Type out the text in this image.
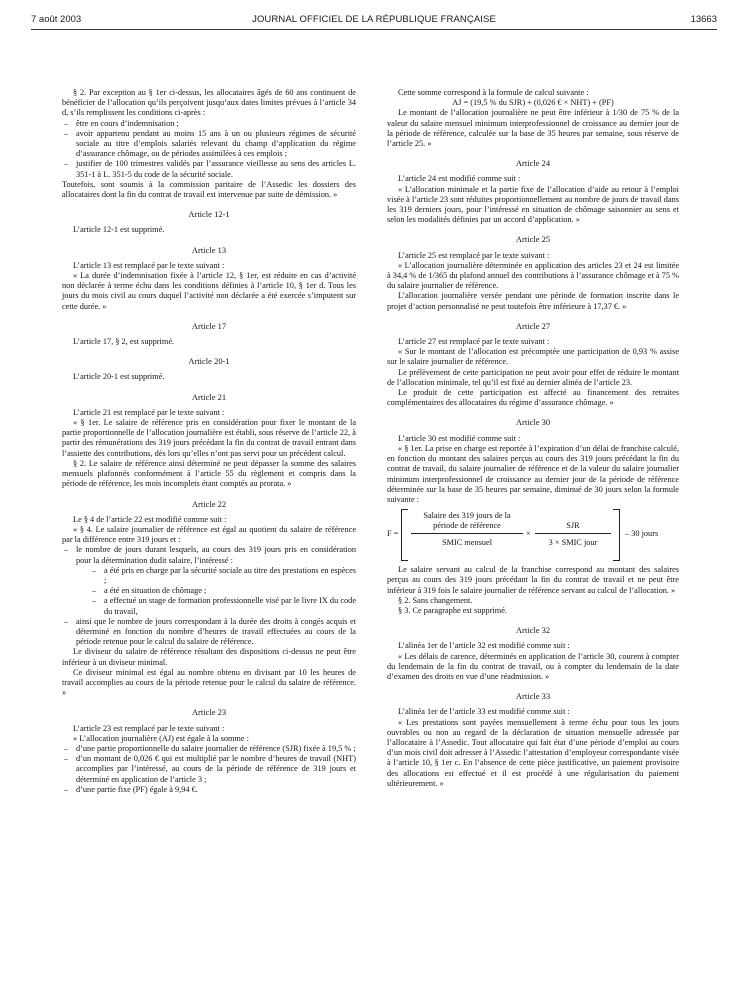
7 août 2003	JOURNAL OFFICIEL DE LA RÉPUBLIQUE FRANÇAISE	13663

§ 2. Par exception au § 1er ci-dessus, les allocataires âgés de 60 ans continuent de bénéficier de l’allocation qu’ils perçoivent jusqu’aux dates limites prévues à l’article 34 d, s’ils remplissent les conditions ci-après :

– être en cours d’indemnisation ;
– avoir appartenu pendant au moins 15 ans à un ou plusieurs régimes de sécurité sociale au titre d’emplois salariés relevant du champ d’application du régime d’assurance chômage, ou de périodes assimilées à ces emplois ;
– justifier de 100 trimestres validés par l’assurance vieillesse au sens des articles L. 351-1 à L. 351-5 du code de la sécurité sociale.

Toutefois, sont soumis à la commission paritaire de l’Assedic les dossiers des allocataires dont la fin du contrat de travail est intervenue par suite de démission. »

Article 12-1

L’article 12-1 est supprimé.

Article 13

L’article 13 est remplacé par le texte suivant :

« La durée d’indemnisation fixée à l’article 12, § 1er, est réduite en cas d’activité non déclarée à terme échu dans les conditions définies à l’article 10, § 1er d. Tous les jours du mois civil au cours duquel l’activité non déclarée a été exercée s’imputent sur cette durée. »

Article 17

L’article 17, § 2, est supprimé.

Article 20-1

L’article 20-1 est supprimé.

Article 21

L’article 21 est remplacé par le texte suivant :

« § 1er. Le salaire de référence pris en considération pour fixer le montant de la partie proportionnelle de l’allocation journalière est établi, sous réserve de l’article 22, à partir des rémunérations des 319 jours précédant la fin du contrat de travail entrant dans l’assiette des contributions, dès lors qu’elles n’ont pas servi pour un précédent calcul.

§ 2. Le salaire de référence ainsi déterminé ne peut dépasser la somme des salaires mensuels plafonnés conformément à l’article 55 du règlement et compris dans la période de référence, les mois incomplets étant comptés au prorata. »

Article 22

Le § 4 de l’article 22 est modifié comme suit :

« § 4. Le salaire journalier de référence est égal au quotient du salaire de référence par la différence entre 319 jours et :

– le nombre de jours durant lesquels, au cours des 319 jours pris en considération pour la détermination dudit salaire, l’intéressé :
– a été pris en charge par la sécurité sociale au titre des prestations en espèces ;
– a été en situation de chômage ;
– a effectué un stage de formation professionnelle visé par le livre IX du code du travail,
– ainsi que le nombre de jours correspondant à la durée des droits à congés acquis et déterminé en fonction du nombre d’heures de travail effectuées au cours de la période retenue pour le calcul du salaire de référence.

Le diviseur du salaire de référence résultant des dispositions ci-dessus ne peut être inférieur à un diviseur minimal.

Ce diviseur minimal est égal au nombre obtenu en divisant par 10 les heures de travail accomplies au cours de la période retenue pour le calcul du salaire de référence. »

Article 23

L’article 23 est remplacé par le texte suivant :

« L’allocation journalière (AJ) est égale à la somme :

– d’une partie proportionnelle du salaire journalier de référence (SJR) fixée à 19,5 % ;
– d’un montant de 0,026 € qui est multiplié par le nombre d’heures de travail (NHT) accomplies par l’intéressé, au cours de la période de référence de 319 jours et déterminé en application de l’article 3 ;
– d’une partie fixe (PF) égale à 9,94 €.

Cette somme correspond à la formule de calcul suivante :

AJ = (19,5 % du SJR) + (0,026 € × NHT) + (PF)

Le montant de l’allocation journalière ne peut être inférieur à 1/30 de 75 % de la valeur du salaire mensuel minimum interprofessionnel de croissance au dernier jour de la période de référence, calculée sur la base de 35 heures par semaine, sous réserve de l’article 25. »

Article 24

L’article 24 est modifié comme suit :

« L’allocation minimale et la partie fixe de l’allocation d’aide au retour à l’emploi visée à l’article 23 sont réduites proportionnellement au nombre de jours de travail dans les 319 derniers jours, pour l’intéressé en situation de chômage saisonnier au sens et selon les modalités définies par un accord d’application. »

Article 25

L’article 25 est remplacé par le texte suivant :

« L’allocation journalière déterminée en application des articles 23 et 24 est limitée à 34,4 % de 1/365 du plafond annuel des contributions à l’assurance chômage et à 75 % du salaire journalier de référence.

L’allocation journalière versée pendant une période de formation inscrite dans le projet d’action personnalisé ne peut toutefois être inférieure à 17,37 €. »

Article 27

L’article 27 est remplacé par le texte suivant :

« Sur le montant de l’allocation est précomptée une participation de 0,93 % assise sur le salaire journalier de référence.

Le prélèvement de cette participation ne peut avoir pour effet de réduire le montant de l’allocation minimale, tel qu’il est fixé au dernier alinéa de l’article 23.

Le produit de cette participation est affecté au financement des retraites complémentaires des allocataires du régime d’assurance chômage. »

Article 30

L’article 30 est modifié comme suit :

« § 1er. La prise en charge est reportée à l’expiration d’un délai de franchise calculé, en fonction du montant des salaires perçus au cours des 319 jours précédant la fin du contrat de travail, du salaire journalier de référence et de la valeur du salaire journalier minimum interprofessionnel de croissance au dernier jour de la période de référence déterminée sur la base de 35 heures par semaine, diminué de 30 jours selon la formule suivante :

F =
Salaire des 319 jours de la période de référence
SMIC mensuel
×
SJR
3 × SMIC jour
– 30 jours

Le salaire servant au calcul de la franchise correspond au montant des salaires perçus au cours des 319 jours précédant la fin du contrat de travail et ne peut être inférieur à 319 fois le salaire journalier de référence servant au calcul de l’allocation. »

§ 2. Sans changement.

§ 3. Ce paragraphe est supprimé.

Article 32

L’alinéa 1er de l’article 32 est modifié comme suit :

« Les délais de carence, déterminés en application de l’article 30, courent à compter du lendemain de la fin du contrat de travail, ou à compter du lendemain de la date d’examen des droits en vue d’une réadmission. »

Article 33

L’alinéa 1er de l’article 33 est modifié comme suit :

« Les prestations sont payées mensuellement à terme échu pour tous les jours ouvrables ou non au regard de la déclaration de situation mensuelle adressée par l’allocataire à l’Assedic. Tout allocataire qui fait état d’une période d’emploi au cours d’un mois civil doit adresser à l’Assedic l’attestation d’employeur correspondante visée à l’article 10, § 1er c. En l’absence de cette pièce justificative, un paiement provisoire des allocations est effectué et il est procédé à une régularisation du paiement ultérieurement. »
